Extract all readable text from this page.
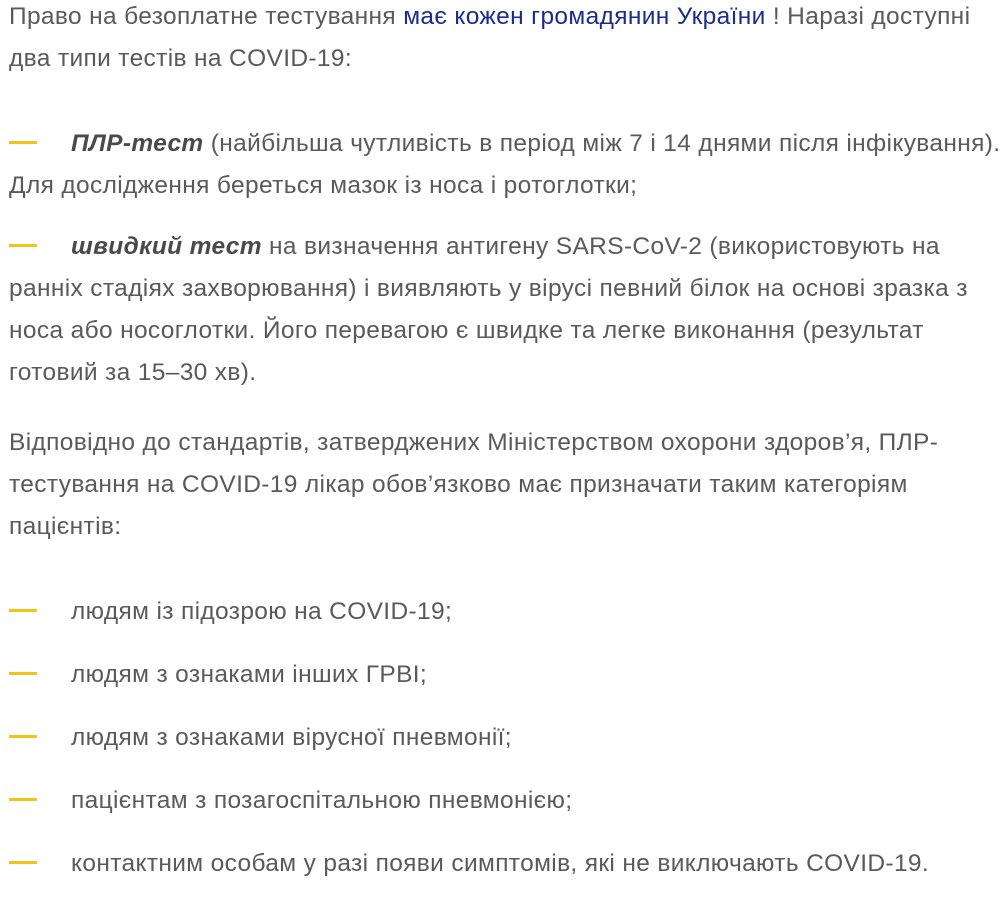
Право на безоплатне тестування має кожен громадянин України ! Наразі доступні два типи тестів на COVID-19:

ПЛР-тест (найбільша чутливість в період між 7 і 14 днями після інфікування). Для дослідження береться мазок із носа і ротоглотки;
швидкий тест на визначення антигену SARS-CoV-2 (використовують на ранніх стадіях захворювання) і виявляють у вірусі певний білок на основі зразка з носа або носоглотки. Його перевагою є швидке та легке виконання (результат готовий за 15–30 хв).

Відповідно до стандартів, затверджених Міністерством охорони здоров’я, ПЛР-тестування на COVID-19 лікар обов’язково має призначати таким категоріям пацієнтів:

людям із підозрою на COVID-19;
людям з ознаками інших ГРВІ;
людям з ознаками вірусної пневмонії;
пацієнтам з позагоспітальною пневмонією;
контактним особам у разі появи симптомів, які не виключають COVID-19.
